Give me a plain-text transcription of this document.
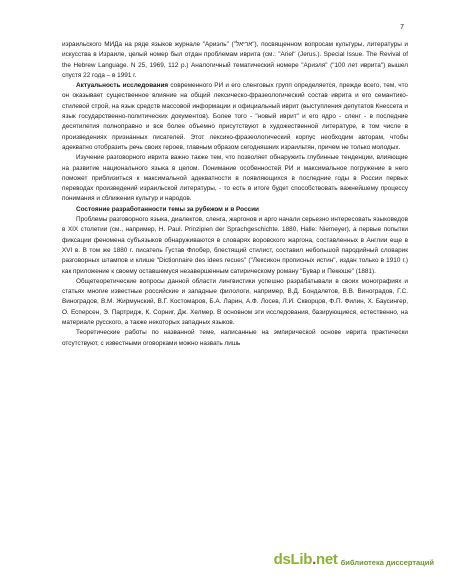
7

израильского МИДа на ряде языков журнале "Ариэль" ("אריאל"), посвященном вопросам культуры, литературы и искусства в Израиле, целый номер был отдан проблемам иврита (см.: "Ariel" (Jerus.). Special Issue. The Revival of the Hebrew Language. N 25, 1969, 112 p.) Аналогичный тематический номере "Ариэля" ("100 лет иврита") вышел спустя 22 года – в 1991 г.

Актуальность исследования современного РИ и его сленговых групп определяется, прежде всего, тем, что он оказывает существенное влияние на общий лексическо-фразеологический состав иврита и его семантико-стилевой строй, на язык средств массовой информации и официальный иврит (выступления депутатов Кнессета и язык государственно-политических документов). Более того - "новый иврит" и его ядро - сленг - в последние десятилетия полноправно и все более объемно присутствуют в художественной литературе, в том числе в произведениях признанных писателей. Этот лексико-фразеологический корпус необходим авторам, чтобы адекватно отобразить речь своих героев, главным образом сегодняшних израильтян, причем не только молодых.

Изучение разговорного иврита важно также тем, что позволяет обнаружить глубинные тенденции, влияющие на развитие национального языка в целом. Понимание особенностей РИ и максимальное погружение в него поможет приблизиться к максимальной адекватности в появляющихся в последние годы в России первых переводах произведений израильской литературы, - то есть в итоге будет способствовать важнейшему процессу понимания и сближения культур и народов.

Состояние разработанности темы за рубежом и в России

Проблемы разговорного языка, диалектов, сленга, жаргонов и арго начали серьезно интересовать языковедов в XIX столетии (см., например, H. Paul. Prinzipien der Sprachgeschichte. 1880, Halle: Niemeyer), а первые попытки фиксации феномена субъязыков обнаруживаются в словарях воровского жаргона, составленных в Англии еще в XVI в. В том же 1880 г. писатель Густав Флобер, блестящий стилист, составил небольшой пародийный словарик разговорных штампов и клише "Dictionnaire des idees recues" ("Лексикон прописных истин", издан только в 1910 г.) как приложение к своему оставшемуся незавершенным сатирическому роману "Бувар и Пекюше" (1881).

Общетеоретические вопросы данной области лингвистики успешно разрабатывали в своих монографиях и статьях многие известные российские и западные филологи, например, В.Д. Бондалетов, В.В. Виноградов, Г.С. Виноградов, В.М. Жирмунский, В.Г. Костомаров, Б.А. Ларин, А.Ф. Лосев, Л.И. Скворцов, Ф.П. Филин, Х. Баусингер, О. Есперсен, Э. Партридж, К. Сорниг, Дж. Хелмер. В основном эти исследования, базирующиеся, естественно, на материале русского, а также некоторых западных языков.

Теоретические работы по названной теме, написанные на эмпирической основе иврита практически отсутствуют, с известными оговорками можно назвать лишь

dsLib.net библиотека диссертаций
